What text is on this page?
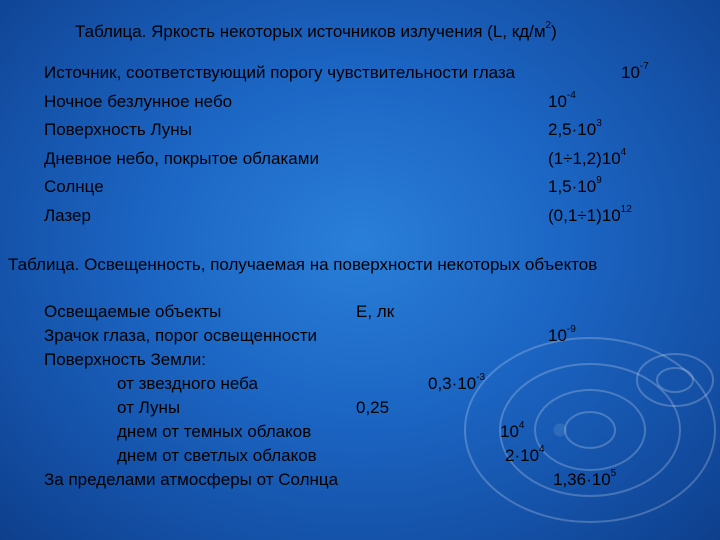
Таблица. Яркость некоторых источников излучения (L, $кд/м^2$)
Источник, соответствующий порогу чувствительности глаза	$10^{-7}$
Ночное безлунное небо	$10^{-4}$
Поверхность Луны	$2,5\cdot 10^3$
Дневное небо, покрытое облаками	$(1\div 1,2)10^4$
Солнце	$1,5\cdot 10^9$
Лазер	$(0,1\div 1)10^{12}$
Таблица. Освещенность, получаемая на поверхности некоторых объектов
Освещаемые объекты	Е, лк
Зрачок глаза, порог освещенности	$10^{-9}$
Поверхность Земли:
от звездного неба	$0,3\cdot 10^{-3}$
от Луны	0,25
днем от темных облаков	$10^4$
днем от светлых облаков	$2\cdot 10^4$
За пределами атмосферы от Солнца	$1,36\cdot 10^5$
